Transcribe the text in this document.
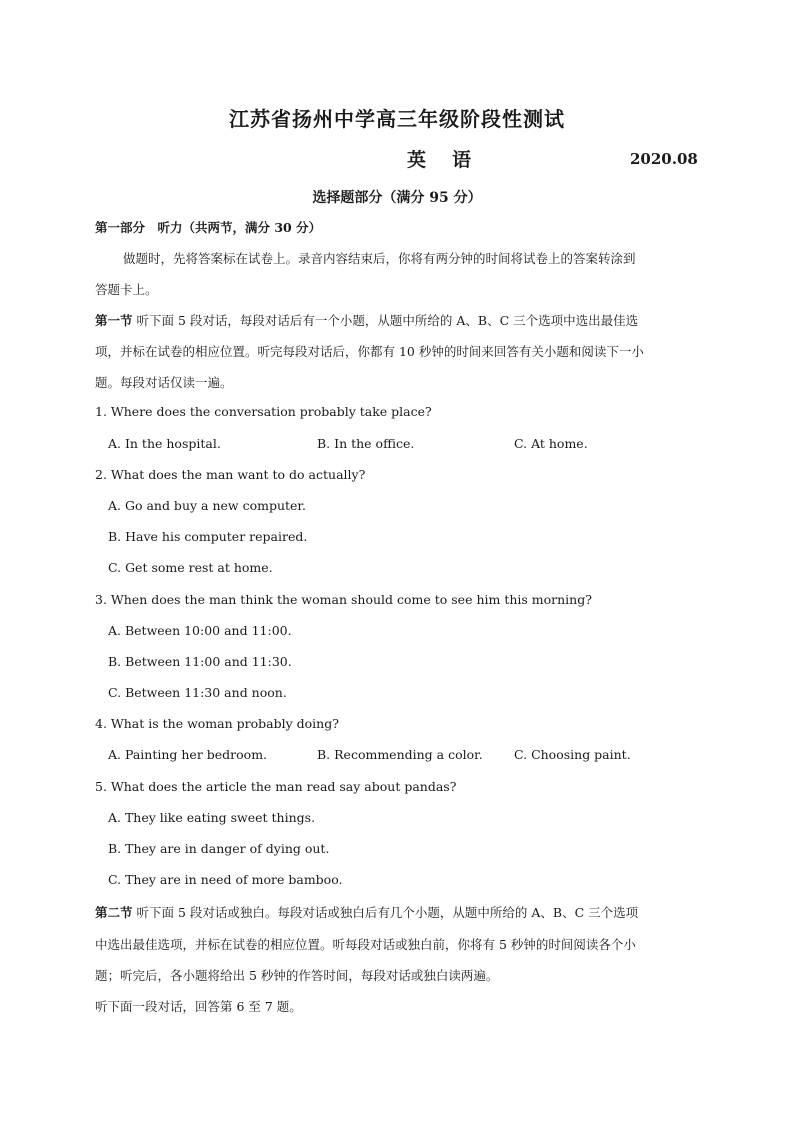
江苏省扬州中学高三年级阶段性测试
英语	2020.08
选择题部分（满分 95 分）
第一部分　听力（共两节，满分 30 分）
做题时，先将答案标在试卷上。录音内容结束后，你将有两分钟的时间将试卷上的答案转涂到
答题卡上。
第一节 听下面 5 段对话，每段对话后有一个小题，从题中所给的 A、B、C 三个选项中选出最佳选
项，并标在试卷的相应位置。听完每段对话后，你都有 10 秒钟的时间来回答有关小题和阅读下一小
题。每段对话仅读一遍。
1. Where does the conversation probably take place?
A. In the hospital.	B. In the office.	C. At home.
2. What does the man want to do actually?
A. Go and buy a new computer.
B. Have his computer repaired.
C. Get some rest at home.
3. When does the man think the woman should come to see him this morning?
A. Between 10:00 and 11:00.
B. Between 11:00 and 11:30.
C. Between 11:30 and noon.
4. What is the woman probably doing?
A. Painting her bedroom.	B. Recommending a color.	C. Choosing paint.
5. What does the article the man read say about pandas?
A. They like eating sweet things.
B. They are in danger of dying out.
C. They are in need of more bamboo.
第二节 听下面 5 段对话或独白。每段对话或独白后有几个小题，从题中所给的 A、B、C 三个选项
中选出最佳选项，并标在试卷的相应位置。听每段对话或独白前，你将有 5 秒钟的时间阅读各个小
题；听完后，各小题将给出 5 秒钟的作答时间，每段对话或独白读两遍。
听下面一段对话，回答第 6 至 7 题。
